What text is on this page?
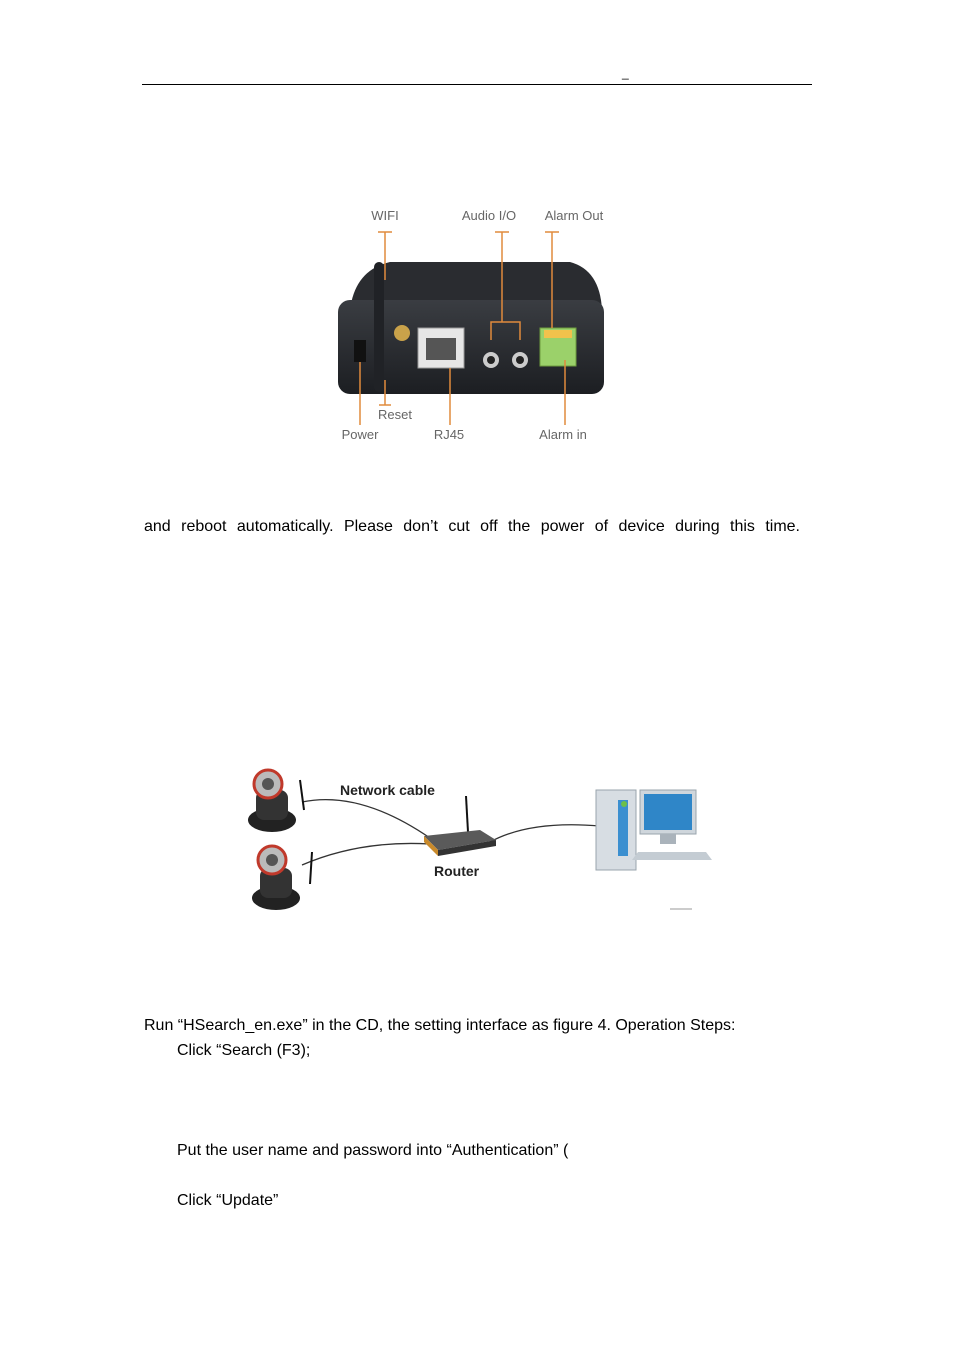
_
WIFI	Audio I/O Alarm Out
Reset
Power	RJ45	Alarm in
and reboot automatically. Please don’t cut off the power of device during this time.
Network cable
Router
Run “HSearch_en.exe” in the CD, the setting interface as figure 4. Operation Steps:
Click “Search (F3);
Put the user name and password into “Authentication” (
Click “Update”
